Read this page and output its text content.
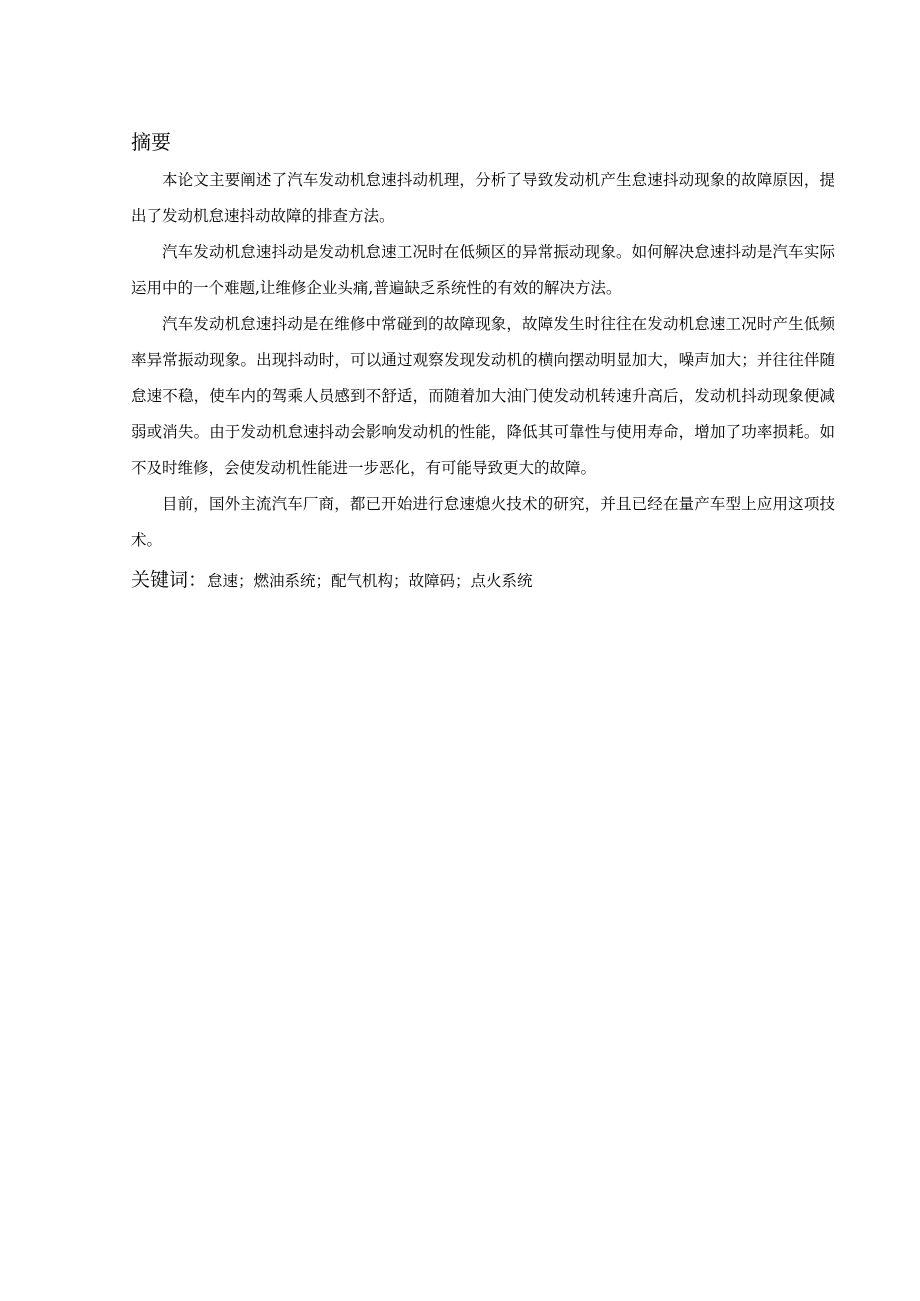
摘要

本论文主要阐述了汽车发动机怠速抖动机理，分析了导致发动机产生怠速抖动现象的故障原因，提出了发动机怠速抖动故障的排查方法。

汽车发动机怠速抖动是发动机怠速工况时在低频区的异常振动现象。如何解决怠速抖动是汽车实际运用中的一个难题,让维修企业头痛,普遍缺乏系统性的有效的解决方法。

汽车发动机怠速抖动是在维修中常碰到的故障现象，故障发生时往往在发动机怠速工况时产生低频率异常振动现象。出现抖动时，可以通过观察发现发动机的横向摆动明显加大，噪声加大；并往往伴随怠速不稳，使车内的驾乘人员感到不舒适，而随着加大油门使发动机转速升高后，发动机抖动现象便减弱或消失。由于发动机怠速抖动会影响发动机的性能，降低其可靠性与使用寿命，增加了功率损耗。如不及时维修，会使发动机性能进一步恶化，有可能导致更大的故障。

目前，国外主流汽车厂商，都已开始进行怠速熄火技术的研究，并且已经在量产车型上应用这项技术。

关键词：怠速；燃油系统；配气机构；故障码；点火系统
